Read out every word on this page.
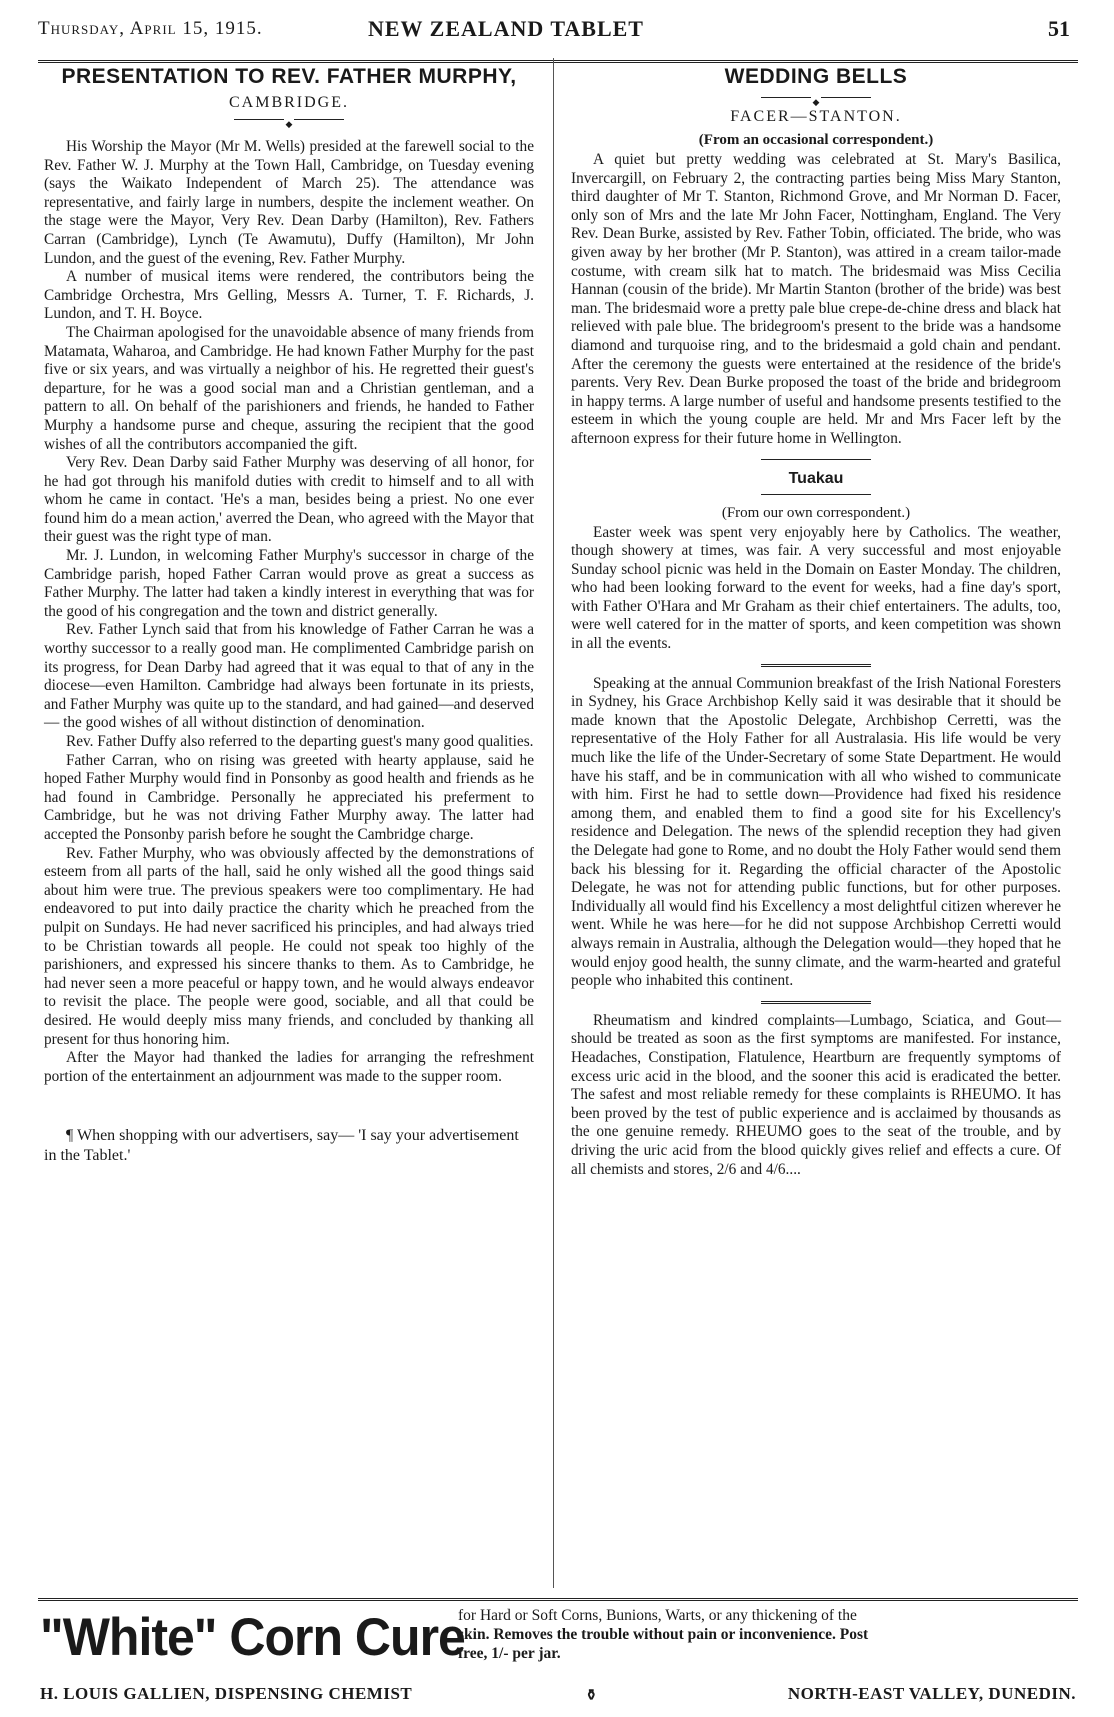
Thursday, April 15, 1915.	NEW ZEALAND TABLET	51
PRESENTATION TO REV. FATHER MURPHY,
CAMBRIDGE.
◆

His Worship the Mayor (Mr M. Wells) presided at the farewell social to the Rev. Father W. J. Murphy at the Town Hall, Cambridge, on Tuesday evening (says the Waikato Independent of March 25). The attendance was representative, and fairly large in numbers, despite the inclement weather. On the stage were the Mayor, Very Rev. Dean Darby (Hamilton), Rev. Fathers Carran (Cambridge), Lynch (Te Awamutu), Duffy (Hamilton), Mr John Lundon, and the guest of the evening, Rev. Father Murphy.

A number of musical items were rendered, the contributors being the Cambridge Orchestra, Mrs Gelling, Messrs A. Turner, T. F. Richards, J. Lundon, and T. H. Boyce.

The Chairman apologised for the unavoidable absence of many friends from Matamata, Waharoa, and Cambridge. He had known Father Murphy for the past five or six years, and was virtually a neighbor of his. He regretted their guest's departure, for he was a good social man and a Christian gentleman, and a pattern to all. On behalf of the parishioners and friends, he handed to Father Murphy a handsome purse and cheque, assuring the recipient that the good wishes of all the contributors accompanied the gift.

Very Rev. Dean Darby said Father Murphy was deserving of all honor, for he had got through his manifold duties with credit to himself and to all with whom he came in contact. 'He's a man, besides being a priest. No one ever found him do a mean action,' averred the Dean, who agreed with the Mayor that their guest was the right type of man.

Mr. J. Lundon, in welcoming Father Murphy's successor in charge of the Cambridge parish, hoped Father Carran would prove as great a success as Father Murphy. The latter had taken a kindly interest in everything that was for the good of his congregation and the town and district generally.

Rev. Father Lynch said that from his knowledge of Father Carran he was a worthy successor to a really good man. He complimented Cambridge parish on its progress, for Dean Darby had agreed that it was equal to that of any in the diocese—even Hamilton. Cambridge had always been fortunate in its priests, and Father Murphy was quite up to the standard, and had gained—and deserved— the good wishes of all without distinction of denomination.

Rev. Father Duffy also referred to the departing guest's many good qualities.

Father Carran, who on rising was greeted with hearty applause, said he hoped Father Murphy would find in Ponsonby as good health and friends as he had found in Cambridge. Personally he appreciated his preferment to Cambridge, but he was not driving Father Murphy away. The latter had accepted the Ponsonby parish before he sought the Cambridge charge.

Rev. Father Murphy, who was obviously affected by the demonstrations of esteem from all parts of the hall, said he only wished all the good things said about him were true. The previous speakers were too complimentary. He had endeavored to put into daily practice the charity which he preached from the pulpit on Sundays. He had never sacrificed his principles, and had always tried to be Christian towards all people. He could not speak too highly of the parishioners, and expressed his sincere thanks to them. As to Cambridge, he had never seen a more peaceful or happy town, and he would always endeavor to revisit the place. The people were good, sociable, and all that could be desired. He would deeply miss many friends, and concluded by thanking all present for thus honoring him.

After the Mayor had thanked the ladies for arranging the refreshment portion of the entertainment an adjournment was made to the supper room.

¶ When shopping with our advertisers, say— 'I say your advertisement in the Tablet.'

WEDDING BELLS
◆
FACER—STANTON.
(From an occasional correspondent.)

A quiet but pretty wedding was celebrated at St. Mary's Basilica, Invercargill, on February 2, the contracting parties being Miss Mary Stanton, third daughter of Mr T. Stanton, Richmond Grove, and Mr Norman D. Facer, only son of Mrs and the late Mr John Facer, Nottingham, England. The Very Rev. Dean Burke, assisted by Rev. Father Tobin, officiated. The bride, who was given away by her brother (Mr P. Stanton), was attired in a cream tailor-made costume, with cream silk hat to match. The bridesmaid was Miss Cecilia Hannan (cousin of the bride). Mr Martin Stanton (brother of the bride) was best man. The bridesmaid wore a pretty pale blue crepe-de-chine dress and black hat relieved with pale blue. The bridegroom's present to the bride was a handsome diamond and turquoise ring, and to the bridesmaid a gold chain and pendant. After the ceremony the guests were entertained at the residence of the bride's parents. Very Rev. Dean Burke proposed the toast of the bride and bridegroom in happy terms. A large number of useful and handsome presents testified to the esteem in which the young couple are held. Mr and Mrs Facer left by the afternoon express for their future home in Wellington.

Tuakau
(From our own correspondent.)

Easter week was spent very enjoyably here by Catholics. The weather, though showery at times, was fair. A very successful and most enjoyable Sunday school picnic was held in the Domain on Easter Monday. The children, who had been looking forward to the event for weeks, had a fine day's sport, with Father O'Hara and Mr Graham as their chief entertainers. The adults, too, were well catered for in the matter of sports, and keen competition was shown in all the events.

Speaking at the annual Communion breakfast of the Irish National Foresters in Sydney, his Grace Archbishop Kelly said it was desirable that it should be made known that the Apostolic Delegate, Archbishop Cerretti, was the representative of the Holy Father for all Australasia. His life would be very much like the life of the Under-Secretary of some State Department. He would have his staff, and be in communication with all who wished to communicate with him. First he had to settle down—Providence had fixed his residence among them, and enabled them to find a good site for his Excellency's residence and Delegation. The news of the splendid reception they had given the Delegate had gone to Rome, and no doubt the Holy Father would send them back his blessing for it. Regarding the official character of the Apostolic Delegate, he was not for attending public functions, but for other purposes. Individually all would find his Excellency a most delightful citizen wherever he went. While he was here—for he did not suppose Archbishop Cerretti would always remain in Australia, although the Delegation would—they hoped that he would enjoy good health, the sunny climate, and the warm-hearted and grateful people who inhabited this continent.

Rheumatism and kindred complaints—Lumbago, Sciatica, and Gout—should be treated as soon as the first symptoms are manifested. For instance, Headaches, Constipation, Flatulence, Heartburn are frequently symptoms of excess uric acid in the blood, and the sooner this acid is eradicated the better. The safest and most reliable remedy for these complaints is RHEUMO. It has been proved by the test of public experience and is acclaimed by thousands as the one genuine remedy. RHEUMO goes to the seat of the trouble, and by driving the uric acid from the blood quickly gives relief and effects a cure. Of all chemists and stores, 2/6 and 4/6....

"White" Corn Cure
for Hard or Soft Corns, Bunions, Warts, or any thickening of the
skin. Removes the trouble without pain or inconvenience. Post
free, 1/- per jar.
H. LOUIS GALLIEN, DISPENSING CHEMIST	⚱	NORTH-EAST VALLEY, DUNEDIN.
